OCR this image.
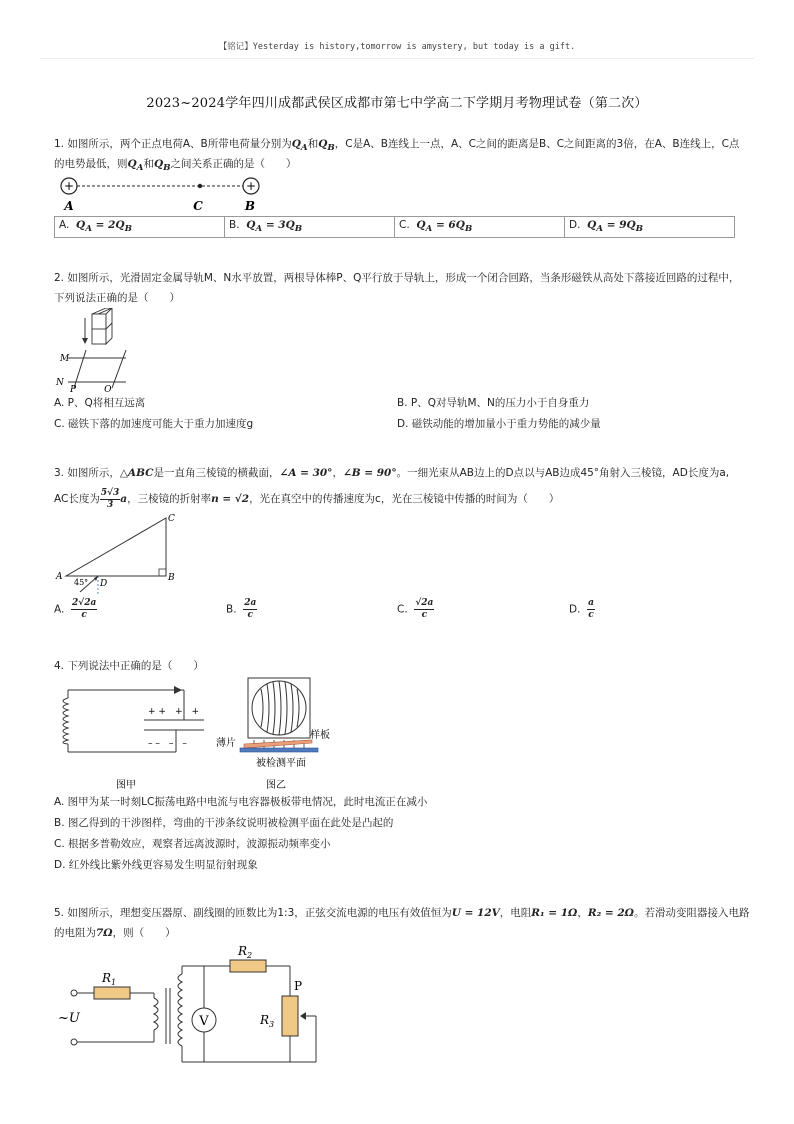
【铭记】Yesterday is history,tomorrow is amystery, but today is a gift.
2023~2024学年四川成都武侯区成都市第七中学高二下学期月考物理试卷（第二次）
1. 如图所示，两个正点电荷A、B所带电荷量分别为$Q_A$和$Q_B$，C是A、B连线上一点，A、C之间的距离是B、C之间距离的3倍，在A、B连线上，C点
的电势最低，则$Q_A$和$Q_B$之间关系正确的是（　　）
+	+
A	C	B
A. $Q_A = 2Q_B$	B. $Q_A = 3Q_B$	C. $Q_A = 6Q_B$	D. $Q_A = 9Q_B$
2. 如图所示，光滑固定金属导轨M、N水平放置，两根导体棒P、Q平行放于导轨上，形成一个闭合回路，当条形磁铁从高处下落接近回路的过程中，
下列说法正确的是（　　）
M
N
P	Q
A. P、Q将相互远离	B. P、Q对导轨M、N的压力小于自身重力
C. 磁铁下落的加速度可能大于重力加速度g	D. 磁铁动能的增加量小于重力势能的减少量
3. 如图所示，△ABC是一直角三棱镜的横截面，∠A = 30°，∠B = 90°。一细光束从AB边上的D点以与AB边成45°角射入三棱镜，AD长度为a,
AC长度为 $\frac{5√3}{3}$ a，三棱镜的折射率n = √2，光在真空中的传播速度为c，光在三棱镜中传播的时间为（　　）
C
A	B
D
45°
A. $\frac{2√2a}{c}$	B. $\frac{2a}{c}$	C. $\frac{√2a}{c}$	D. $\frac{a}{c}$
4. 下列说法中正确的是（　　）
+ +　+　+
– –　–　–
图甲
薄片
样板
被检测平面
图乙
A. 图甲为某一时刻LC振荡电路中电流与电容器极板带电情况，此时电流正在减小
B. 图乙得到的干涉图样，弯曲的干涉条纹说明被检测平面在此处是凸起的
C. 根据多普勒效应，观察者远离波源时，波源振动频率变小
D. 红外线比紫外线更容易发生明显衍射现象
5. 如图所示，理想变压器原、副线圈的匝数比为1:3，正弦交流电源的电压有效值恒为U = 12V，电阻R₁ = 1Ω，R₂ = 2Ω。若滑动变阻器接入电路
的电阻为7Ω，则（　　）
$R_1$
~U
$R_2$
V
P
$R_3$
